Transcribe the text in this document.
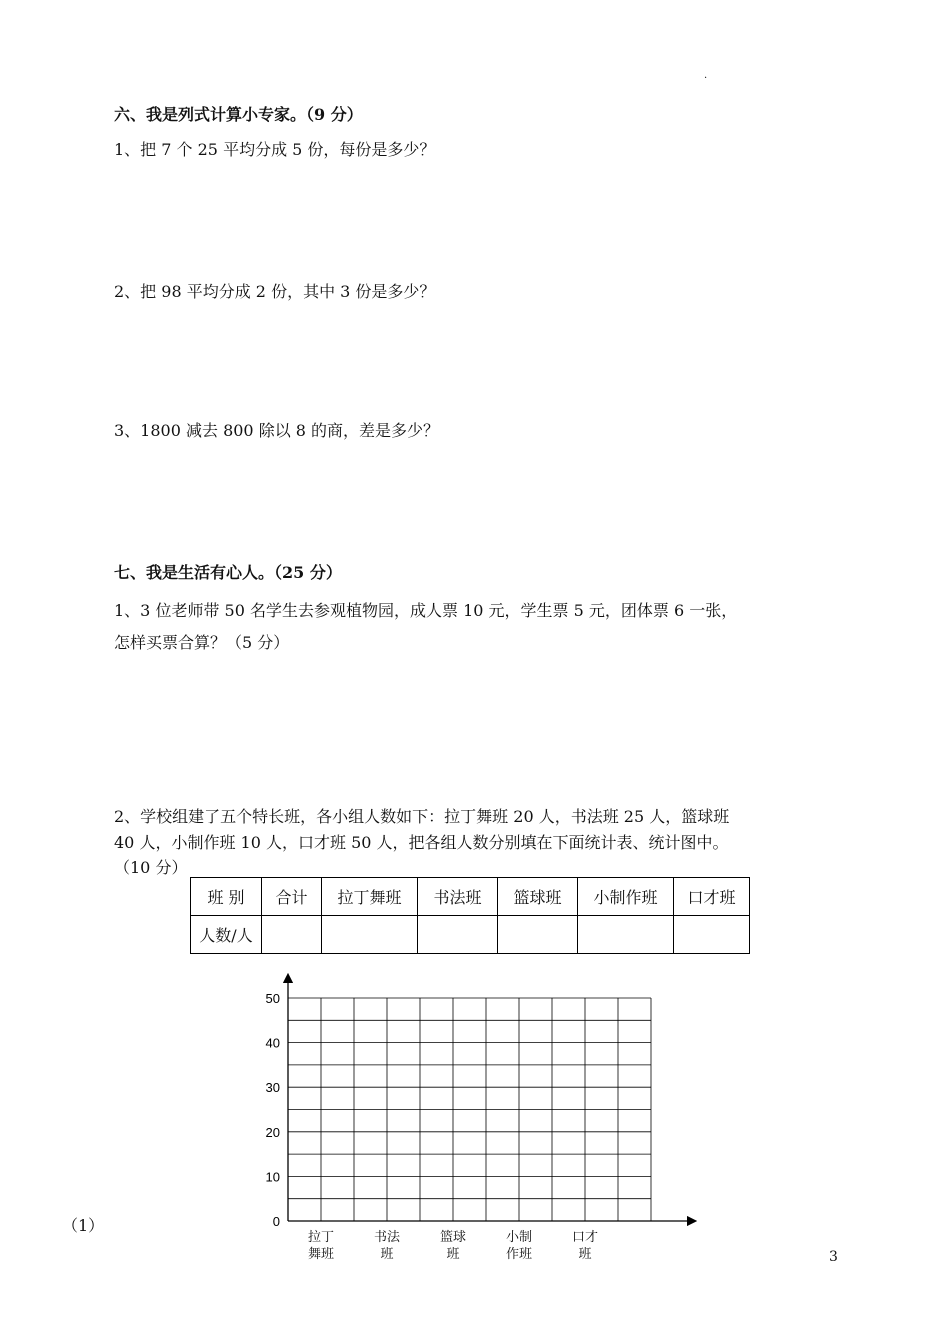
.
六、我是列式计算小专家。（9 分）
1、把 7 个 25 平均分成 5 份，每份是多少？
2、把 98 平均分成 2 份，其中 3 份是多少？
3、1800 减去 800 除以 8 的商，差是多少？
七、我是生活有心人。（25 分）
1、3 位老师带 50 名学生去参观植物园，成人票 10 元，学生票 5 元，团体票 6 一张，
怎样买票合算？（5 分）
2、学校组建了五个特长班，各小组人数如下：拉丁舞班 20 人，书法班 25 人，篮球班
40 人，小制作班 10 人，口才班 50 人，把各组人数分别填在下面统计表、统计图中。
（10 分）
班 别	合计	拉丁舞班	书法班	篮球班	小制作班	口才班
人数/人						
0
10
20
30
40
50
拉丁
舞班
书法
班
篮球
班
小制
作班
口才
班
（1）
3
